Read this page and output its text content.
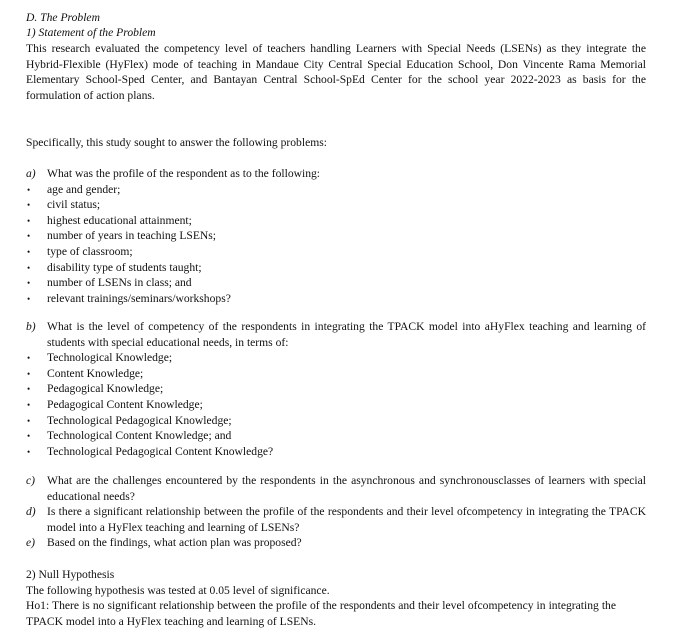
D. The Problem
1) Statement of the Problem
This research evaluated the competency level of teachers handling Learners with Special Needs (LSENs) as they integrate the
Hybrid-Flexible (HyFlex) mode of teaching in Mandaue City Central Special Education School, Don Vincente Rama Memorial
Elementary School-Sped Center, and Bantayan Central School-SpEd Center for the school year 2022-2023 as basis for the
formulation of action plans.
Specifically, this study sought to answer the following problems:
a) What was the profile of the respondent as to the following:
•
age and gender;
•
civil status;
•
highest educational attainment;
•
number of years in teaching LSENs;
•
type of classroom;
•
disability type of students taught;
•
number of LSENs in class; and
•
relevant trainings/seminars/workshops?
b) What is the level of competency of the respondents in integrating the TPACK model into aHyFlex teaching and learning of
students with special educational needs, in terms of:
•
Technological Knowledge;
•
Content Knowledge;
•
Pedagogical Knowledge;
•
Pedagogical Content Knowledge;
•
Technological Pedagogical Knowledge;
•
Technological Content Knowledge; and
•
Technological Pedagogical Content Knowledge?
c)	What are the challenges encountered by the respondents in the asynchronous and synchronousclasses of learners with special
educational needs?
d) Is there a significant relationship between the profile of the respondents and their level ofcompetency in integrating the TPACK
model into a HyFlex teaching and learning of LSENs?
e)	Based on the findings, what action plan was proposed?
2) Null Hypothesis
The following hypothesis was tested at 0.05 level of significance.
Ho1: There is no significant relationship between the profile of the respondents and their level ofcompetency in integrating the
TPACK model into a HyFlex teaching and learning of LSENs.
